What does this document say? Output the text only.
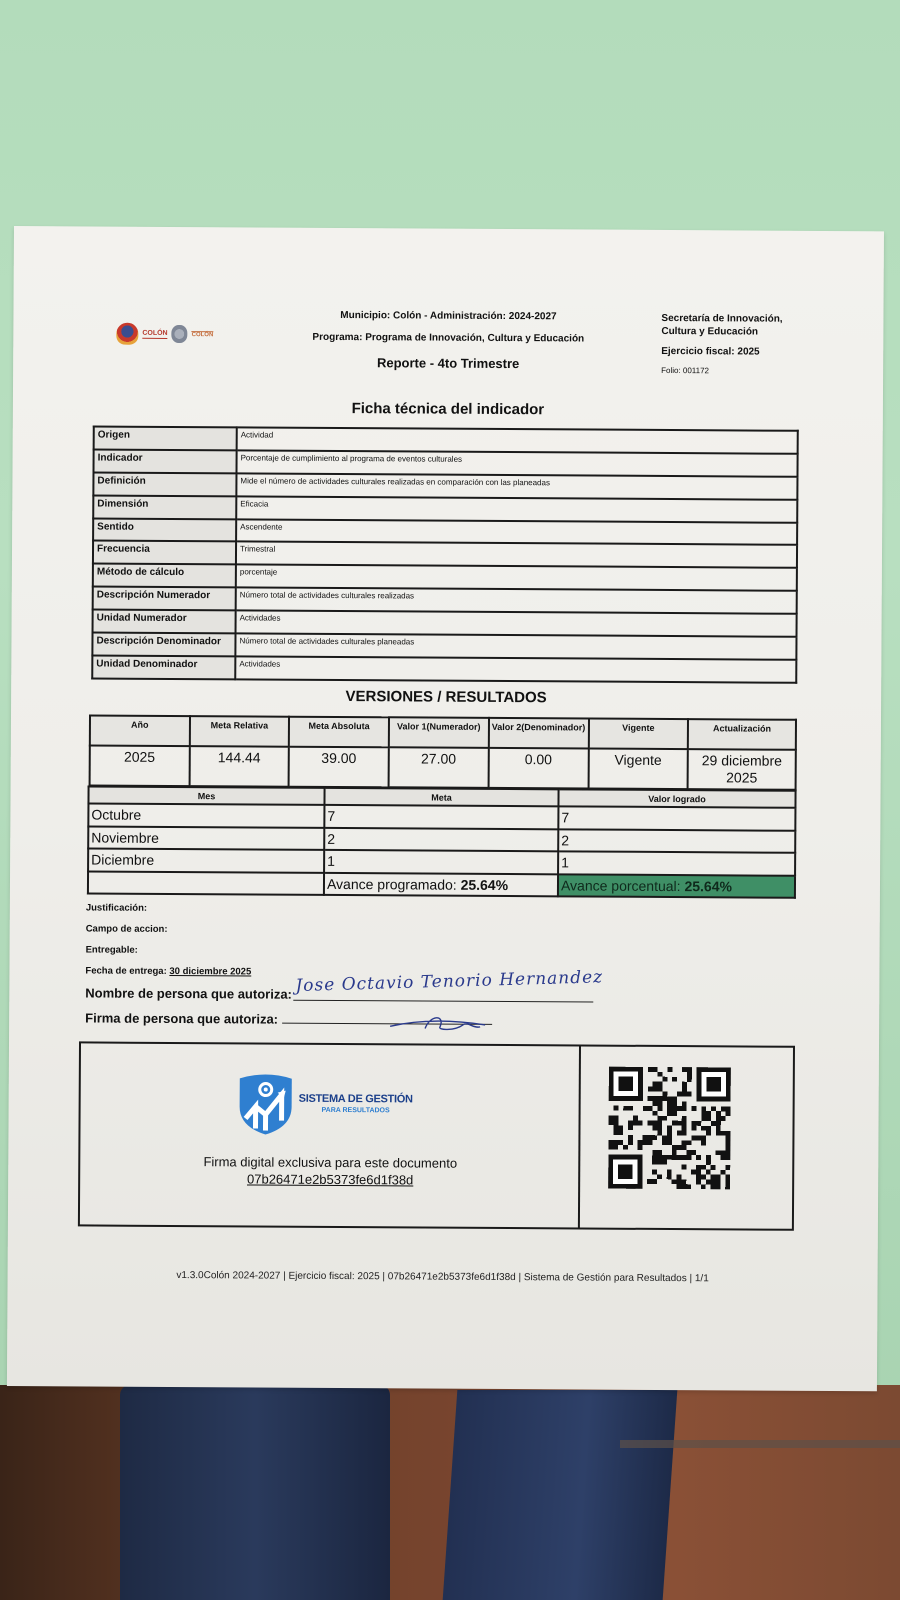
COLÓN	COLÓN
Municipio: Colón - Administración: 2024-2027
Programa: Programa de Innovación, Cultura y Educación
Reporte - 4to Trimestre
Secretaría de Innovación, Cultura y Educación
Ejercicio fiscal: 2025
Folio: 001172
Ficha técnica del indicador
Origen	Actividad
Indicador	Porcentaje de cumplimiento al programa de eventos culturales
Definición	Mide el número de actividades culturales realizadas en comparación con las planeadas
Dimensión	Eficacia
Sentido	Ascendente
Frecuencia	Trimestral
Método de cálculo	porcentaje
Descripción Numerador	Número total de actividades culturales realizadas
Unidad Numerador	Actividades
Descripción Denominador	Número total de actividades culturales planeadas
Unidad Denominador	Actividades
VERSIONES / RESULTADOS
Año	Meta Relativa	Meta Absoluta	Valor 1(Numerador)	Valor 2(Denominador)	Vigente	Actualización
2025	144.44	39.00	27.00	0.00	Vigente	29 diciembre 2025
Mes	Meta	Valor logrado
Octubre	7	7
Noviembre	2	2
Diciembre	1	1
	Avance programado: 25.64%	Avance porcentual: 25.64%
Justificación:
Campo de accion:
Entregable:
Fecha de entrega: 30 diciembre 2025
Nombre de persona que autoriza: Jose Octavio Tenorio Hernandez
Firma de persona que autoriza:
SISTEMA DE GESTIÓN
PARA RESULTADOS
Firma digital exclusiva para este documento
07b26471e2b5373fe6d1f38d
v1.3.0Colón 2024-2027 | Ejercicio fiscal: 2025 | 07b26471e2b5373fe6d1f38d | Sistema de Gestión para Resultados | 1/1
